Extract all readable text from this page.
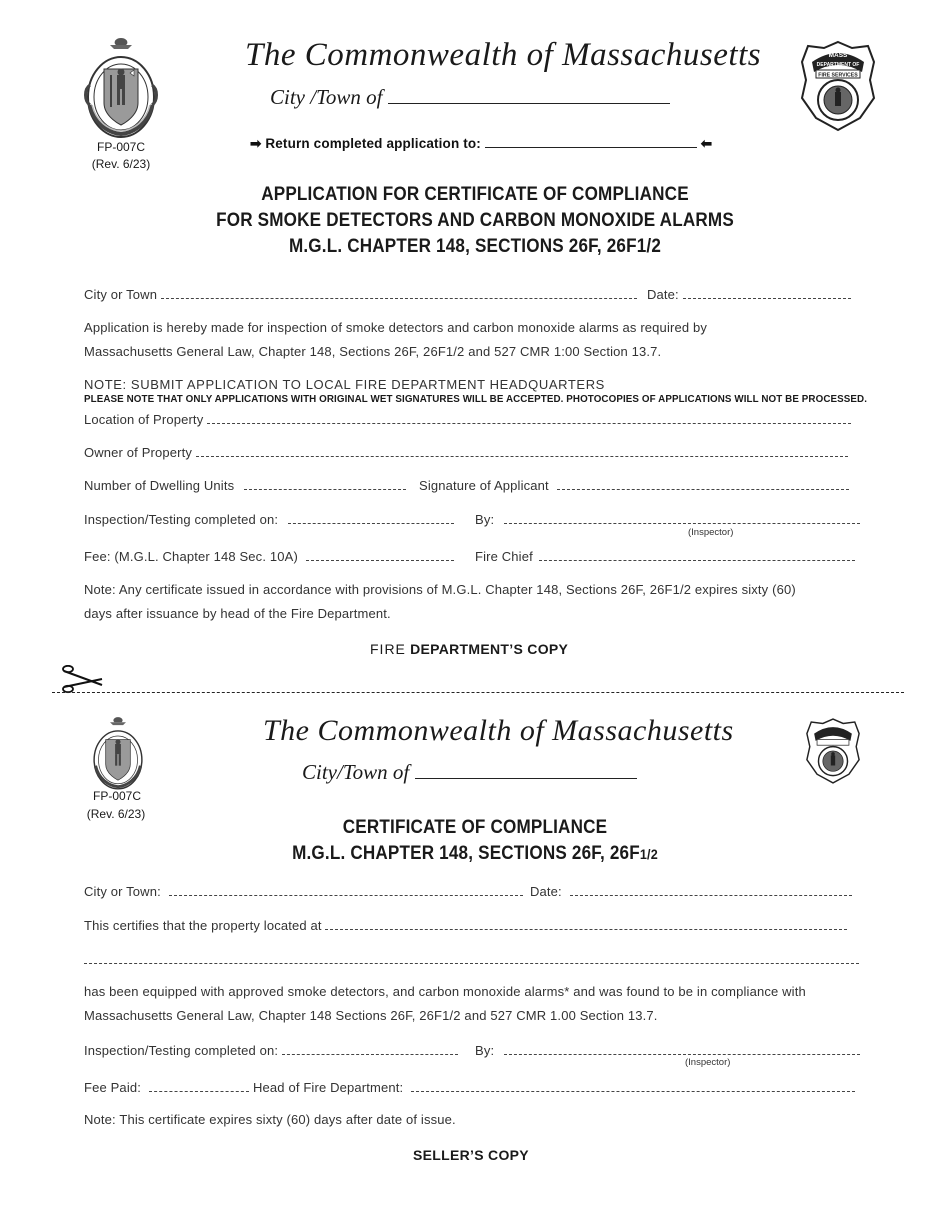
FP-007C
(Rev. 6/23)
The Commonwealth of Massachusetts
City /Town of
MASS
DEPARTMENT OF
FIRE SERVICES
➡ Return completed application to:	⬅
APPLICATION FOR CERTIFICATE OF COMPLIANCE
FOR SMOKE DETECTORS AND CARBON MONOXIDE ALARMS
M.G.L. CHAPTER 148, SECTIONS 26F, 26F1/2
City or Town	Date:
Application is hereby made for inspection of smoke detectors and carbon monoxide alarms as required by
Massachusetts General Law, Chapter 148, Sections 26F, 26F1/2 and 527 CMR 1:00 Section 13.7.
NOTE: SUBMIT APPLICATION TO LOCAL FIRE DEPARTMENT HEADQUARTERS
PLEASE NOTE THAT ONLY APPLICATIONS WITH ORIGINAL WET SIGNATURES WILL BE ACCEPTED. PHOTOCOPIES OF APPLICATIONS WILL NOT BE PROCESSED.
Location of Property
Owner of Property
Number of Dwelling Units	Signature of Applicant
Inspection/Testing completed on:	By:
(Inspector)
Fee: (M.G.L. Chapter 148 Sec. 10A)	Fire Chief
Note: Any certificate issued in accordance with provisions of M.G.L. Chapter 148, Sections 26F, 26F1/2 expires sixty (60)
days after issuance by head of the Fire Department.
FIRE DEPARTMENT’S COPY
FP-007C
(Rev. 6/23)
The Commonwealth of Massachusetts
City/Town of
CERTIFICATE OF COMPLIANCE
M.G.L. CHAPTER 148, SECTIONS 26F, 26F1/2
City or Town:	Date:
This certifies that the property located at
has been equipped with approved smoke detectors, and carbon monoxide alarms* and was found to be in compliance with
Massachusetts General Law, Chapter 148 Sections 26F, 26F1/2 and 527 CMR 1.00 Section 13.7.
Inspection/Testing completed on:	By:
(Inspector)
Fee Paid:	Head of Fire Department:
Note: This certificate expires sixty (60) days after date of issue.
SELLER’S COPY
